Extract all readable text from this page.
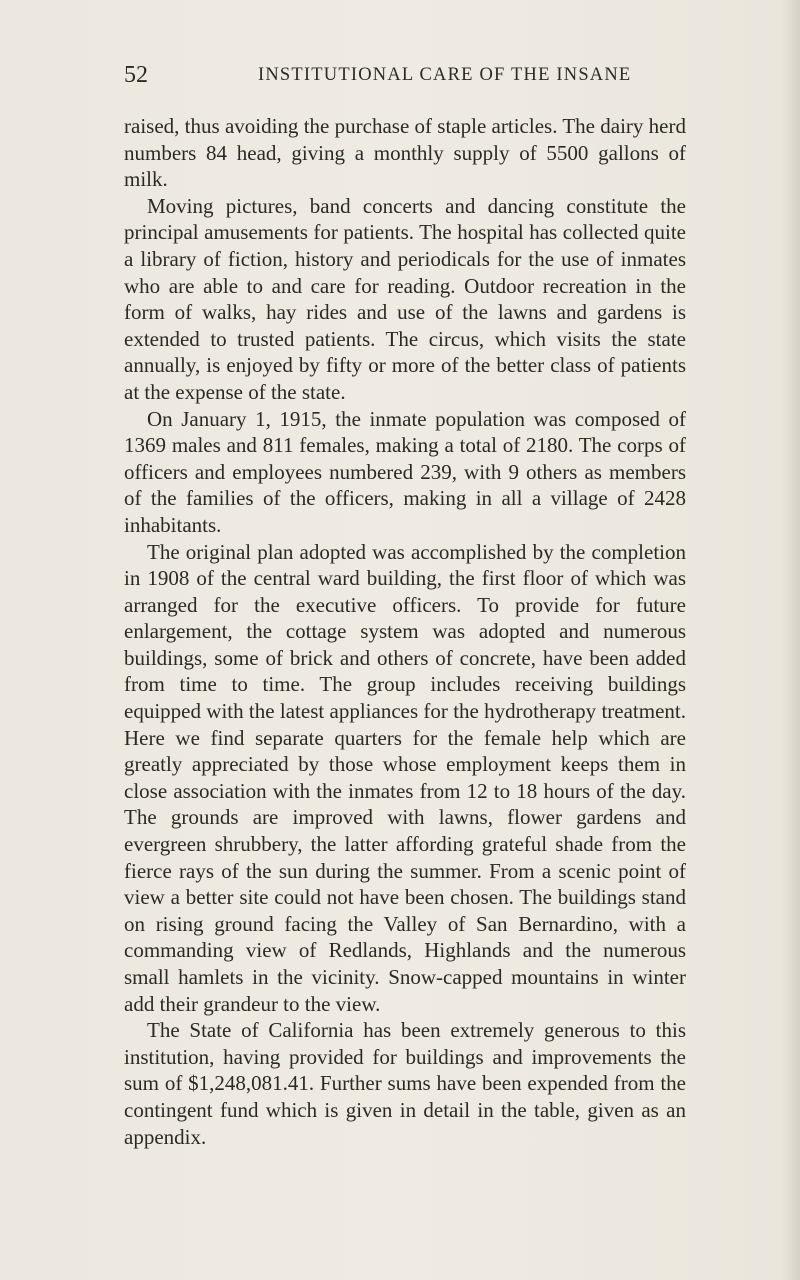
52	INSTITUTIONAL CARE OF THE INSANE

raised, thus avoiding the purchase of staple articles. The dairy herd numbers 84 head, giving a monthly supply of 5500 gallons of milk.

Moving pictures, band concerts and dancing constitute the principal amusements for patients. The hospital has collected quite a library of fiction, history and periodicals for the use of inmates who are able to and care for reading. Outdoor recreation in the form of walks, hay rides and use of the lawns and gardens is extended to trusted patients. The circus, which visits the state annually, is enjoyed by fifty or more of the better class of patients at the expense of the state.

On January 1, 1915, the inmate population was composed of 1369 males and 811 females, making a total of 2180. The corps of officers and employees numbered 239, with 9 others as members of the families of the officers, making in all a village of 2428 inhabitants.

The original plan adopted was accomplished by the completion in 1908 of the central ward building, the first floor of which was arranged for the executive officers. To provide for future enlargement, the cottage system was adopted and numerous buildings, some of brick and others of concrete, have been added from time to time. The group includes receiving buildings equipped with the latest appliances for the hydrotherapy treatment. Here we find separate quarters for the female help which are greatly appreciated by those whose employment keeps them in close association with the inmates from 12 to 18 hours of the day. The grounds are improved with lawns, flower gardens and evergreen shrubbery, the latter affording grateful shade from the fierce rays of the sun during the summer. From a scenic point of view a better site could not have been chosen. The buildings stand on rising ground facing the Valley of San Bernardino, with a commanding view of Redlands, Highlands and the numerous small hamlets in the vicinity. Snow-capped mountains in winter add their grandeur to the view.

The State of California has been extremely generous to this institution, having provided for buildings and improvements the sum of $1,248,081.41. Further sums have been expended from the contingent fund which is given in detail in the table, given as an appendix.
